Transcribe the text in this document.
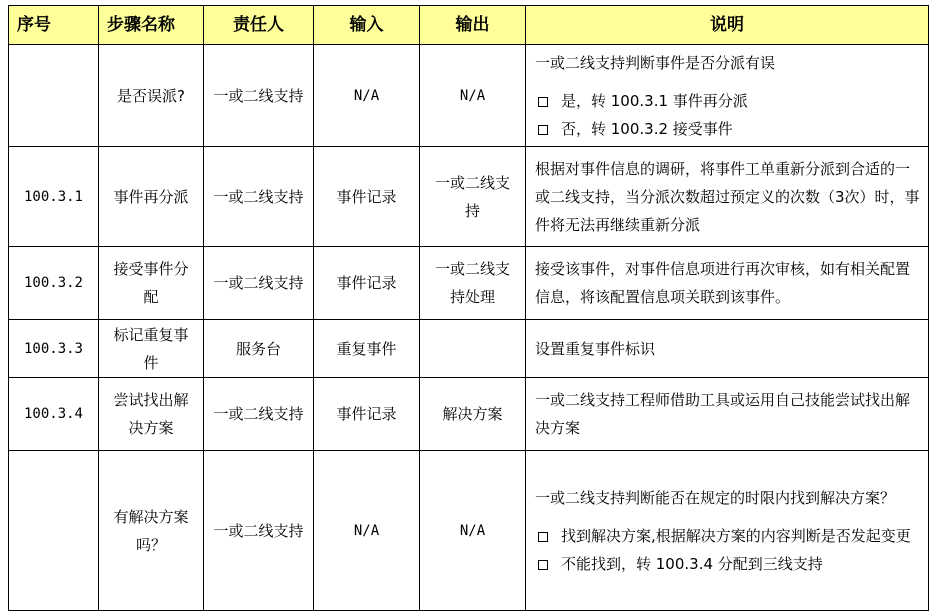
序号	步骤名称	责任人	输入	输出	说明
	是否误派?	一或二线支持	N/A	N/A	一或二线支持判断事件是否分派有误

是，转 100.3.1 事件再分派
否，转 100.3.2 接受事件

100.3.1	事件再分派	一或二线支持	事件记录	一或二线支持	根据对事件信息的调研，将事件工单重新分派到合适的一或二线支持，当分派次数超过预定义的次数（3次）时，事件将无法再继续重新分派
100.3.2	接受事件分配	一或二线支持	事件记录	一或二线支持处理	接受该事件，对事件信息项进行再次审核，如有相关配置信息，将该配置信息项关联到该事件。
100.3.3	标记重复事件	服务台	重复事件		设置重复事件标识
100.3.4	尝试找出解决方案	一或二线支持	事件记录	解决方案	一或二线支持工程师借助工具或运用自己技能尝试找出解决方案
	有解决方案吗？	一或二线支持	N/A	N/A	一或二线支持判断能否在规定的时限内找到解决方案？

找到解决方案,根据解决方案的内容判断是否发起变更
不能找到，转 100.3.4 分配到三线支持
